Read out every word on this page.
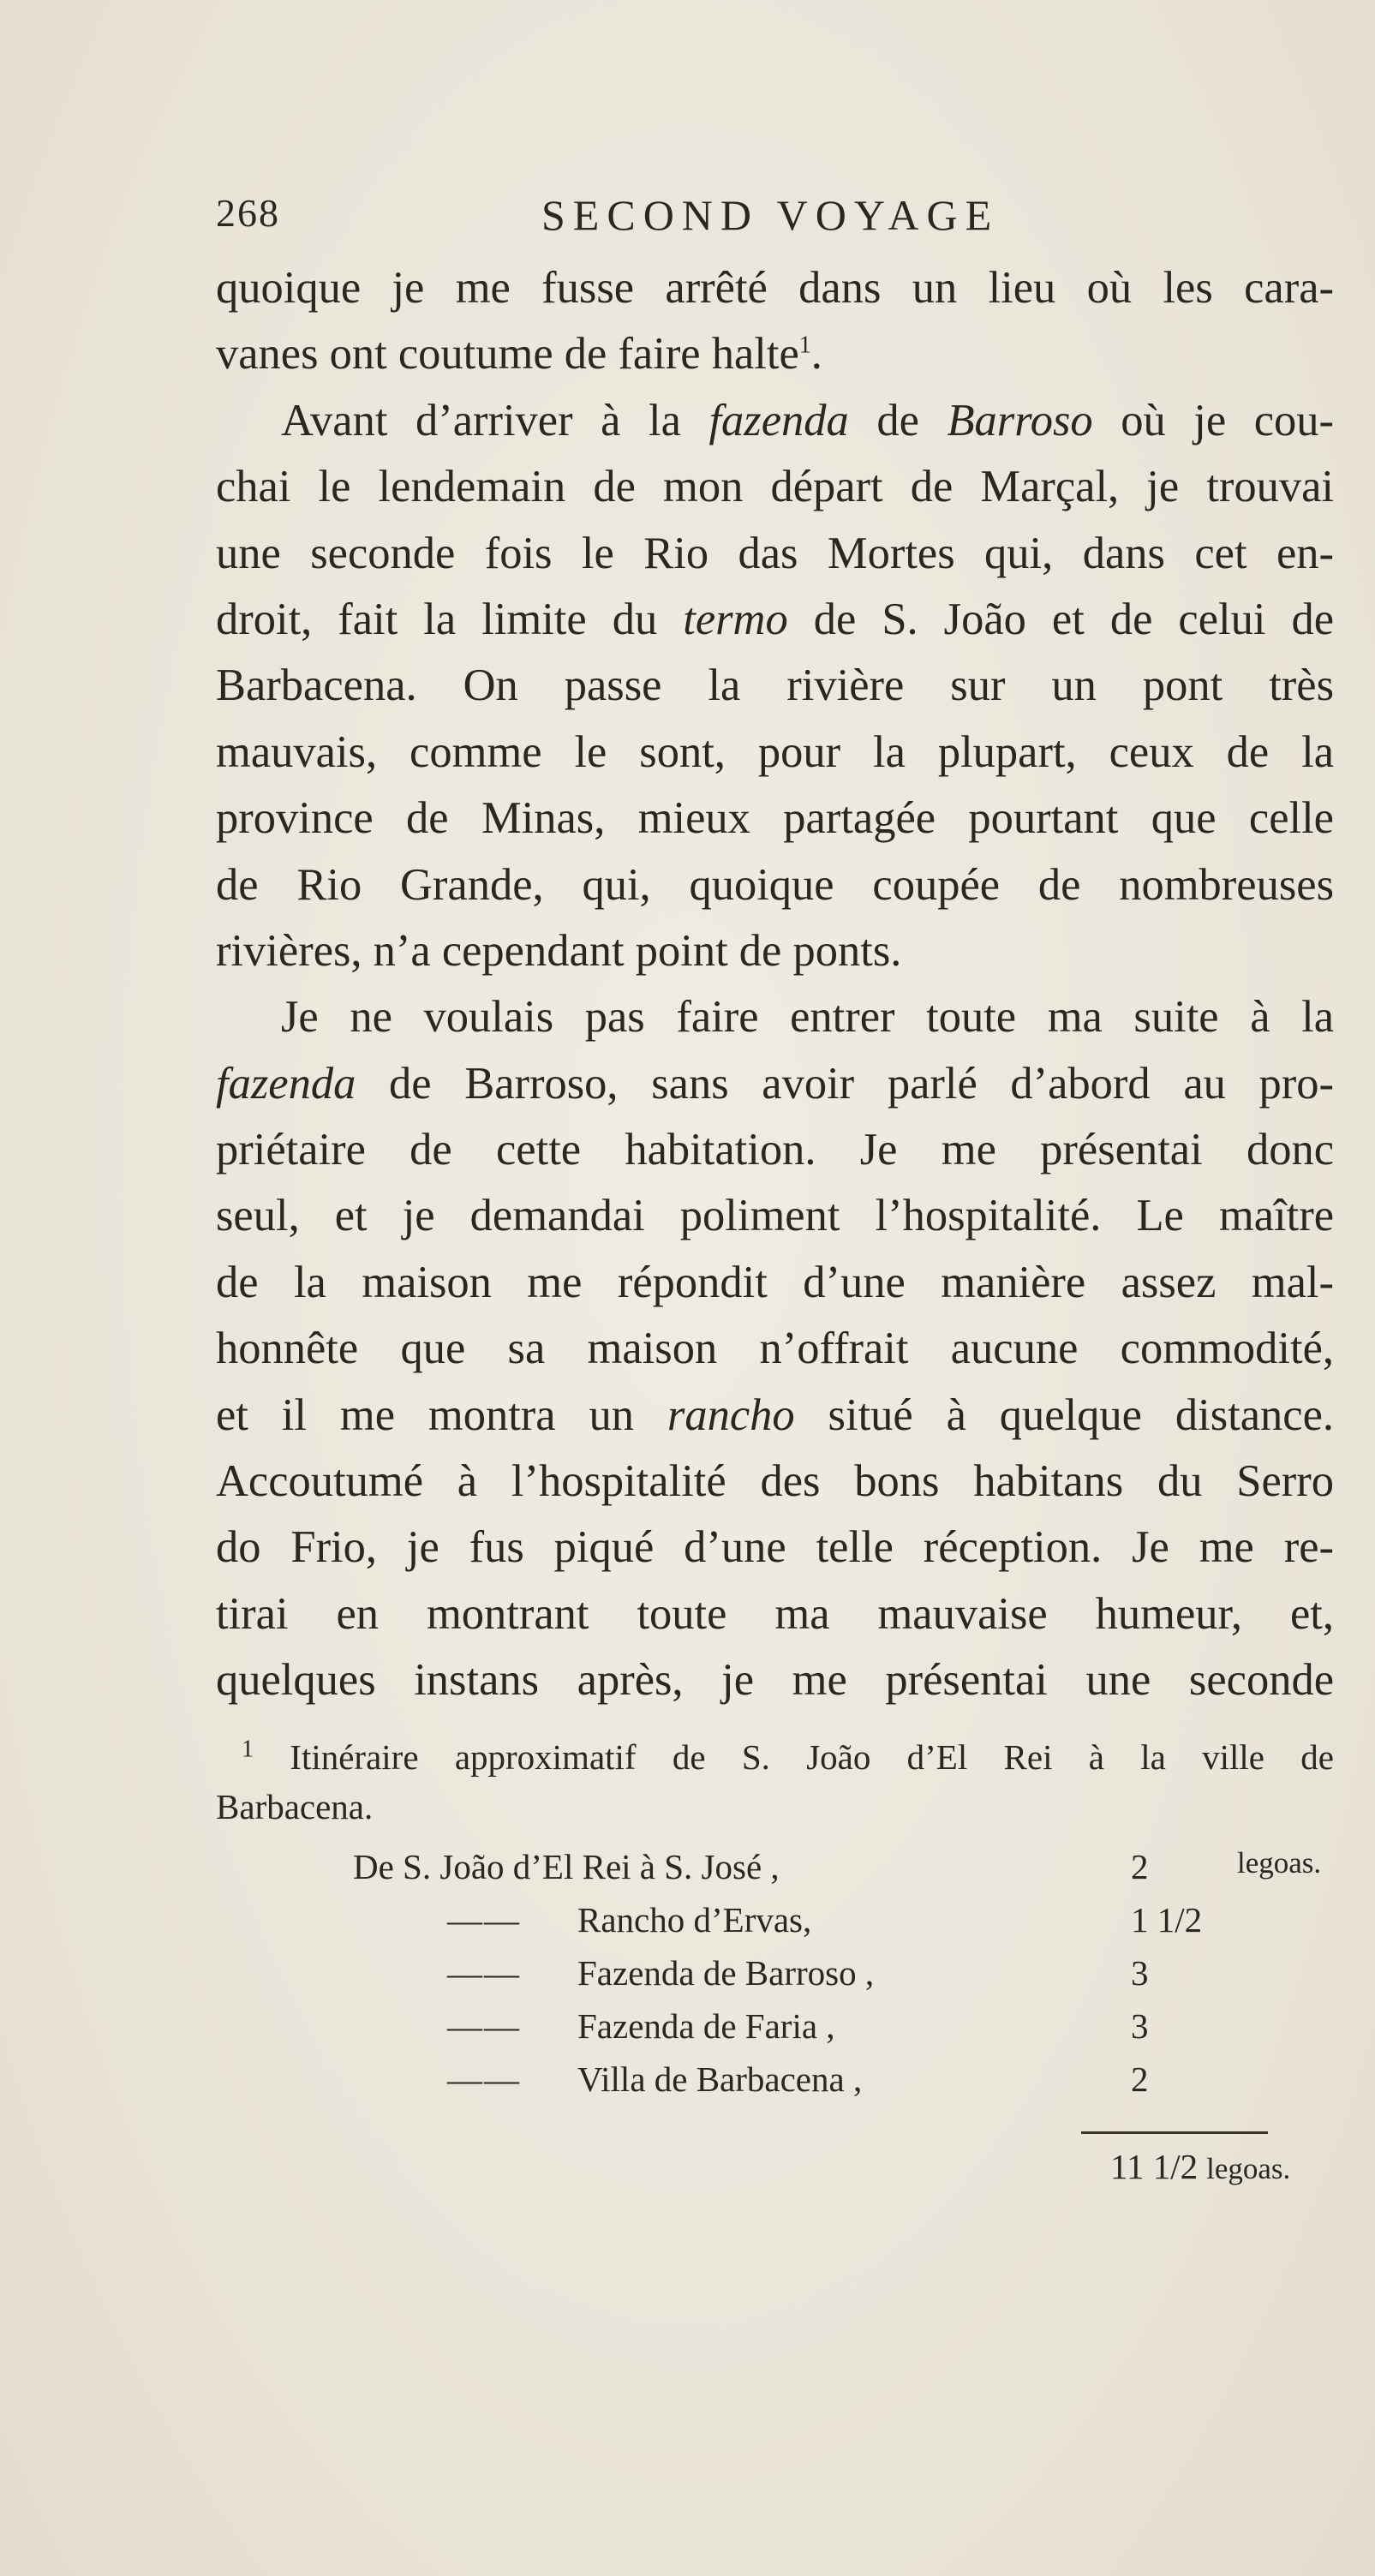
268	SECOND VOYAGE
quoique je me fusse arrêté dans un lieu où les cara-
vanes ont coutume de faire halte$^1$.
Avant d’arriver à la fazenda de Barroso où je cou-
chai le lendemain de mon départ de Marçal, je trouvai
une seconde fois le Rio das Mortes qui, dans cet en-
droit, fait la limite du termo de S. João et de celui de
Barbacena. On passe la rivière sur un pont très
mauvais, comme le sont, pour la plupart, ceux de la
province de Minas, mieux partagée pourtant que celle
de Rio Grande, qui, quoique coupée de nombreuses
rivières, n’a cependant point de ponts.
Je ne voulais pas faire entrer toute ma suite à la
fazenda de Barroso, sans avoir parlé d’abord au pro-
priétaire de cette habitation. Je me présentai donc
seul, et je demandai poliment l’hospitalité. Le maître
de la maison me répondit d’une manière assez mal-
honnête que sa maison n’offrait aucune commodité,
et il me montra un rancho situé à quelque distance.
Accoutumé à l’hospitalité des bons habitans du Serro
do Frio, je fus piqué d’une telle réception. Je me re-
tirai en montrant toute ma mauvaise humeur, et,
quelques instans après, je me présentai une seconde
$^1$ Itinéraire approximatif de S. João d’El Rei à la ville de
Barbacena.
De S. João d’El Rei à S. José ,	2	legoas.
—— Rancho d’Ervas,	1 1/2
—— Fazenda de Barroso ,	3
—— Fazenda de Faria ,	3
—— Villa de Barbacena ,	2
11 1/2 legoas.
